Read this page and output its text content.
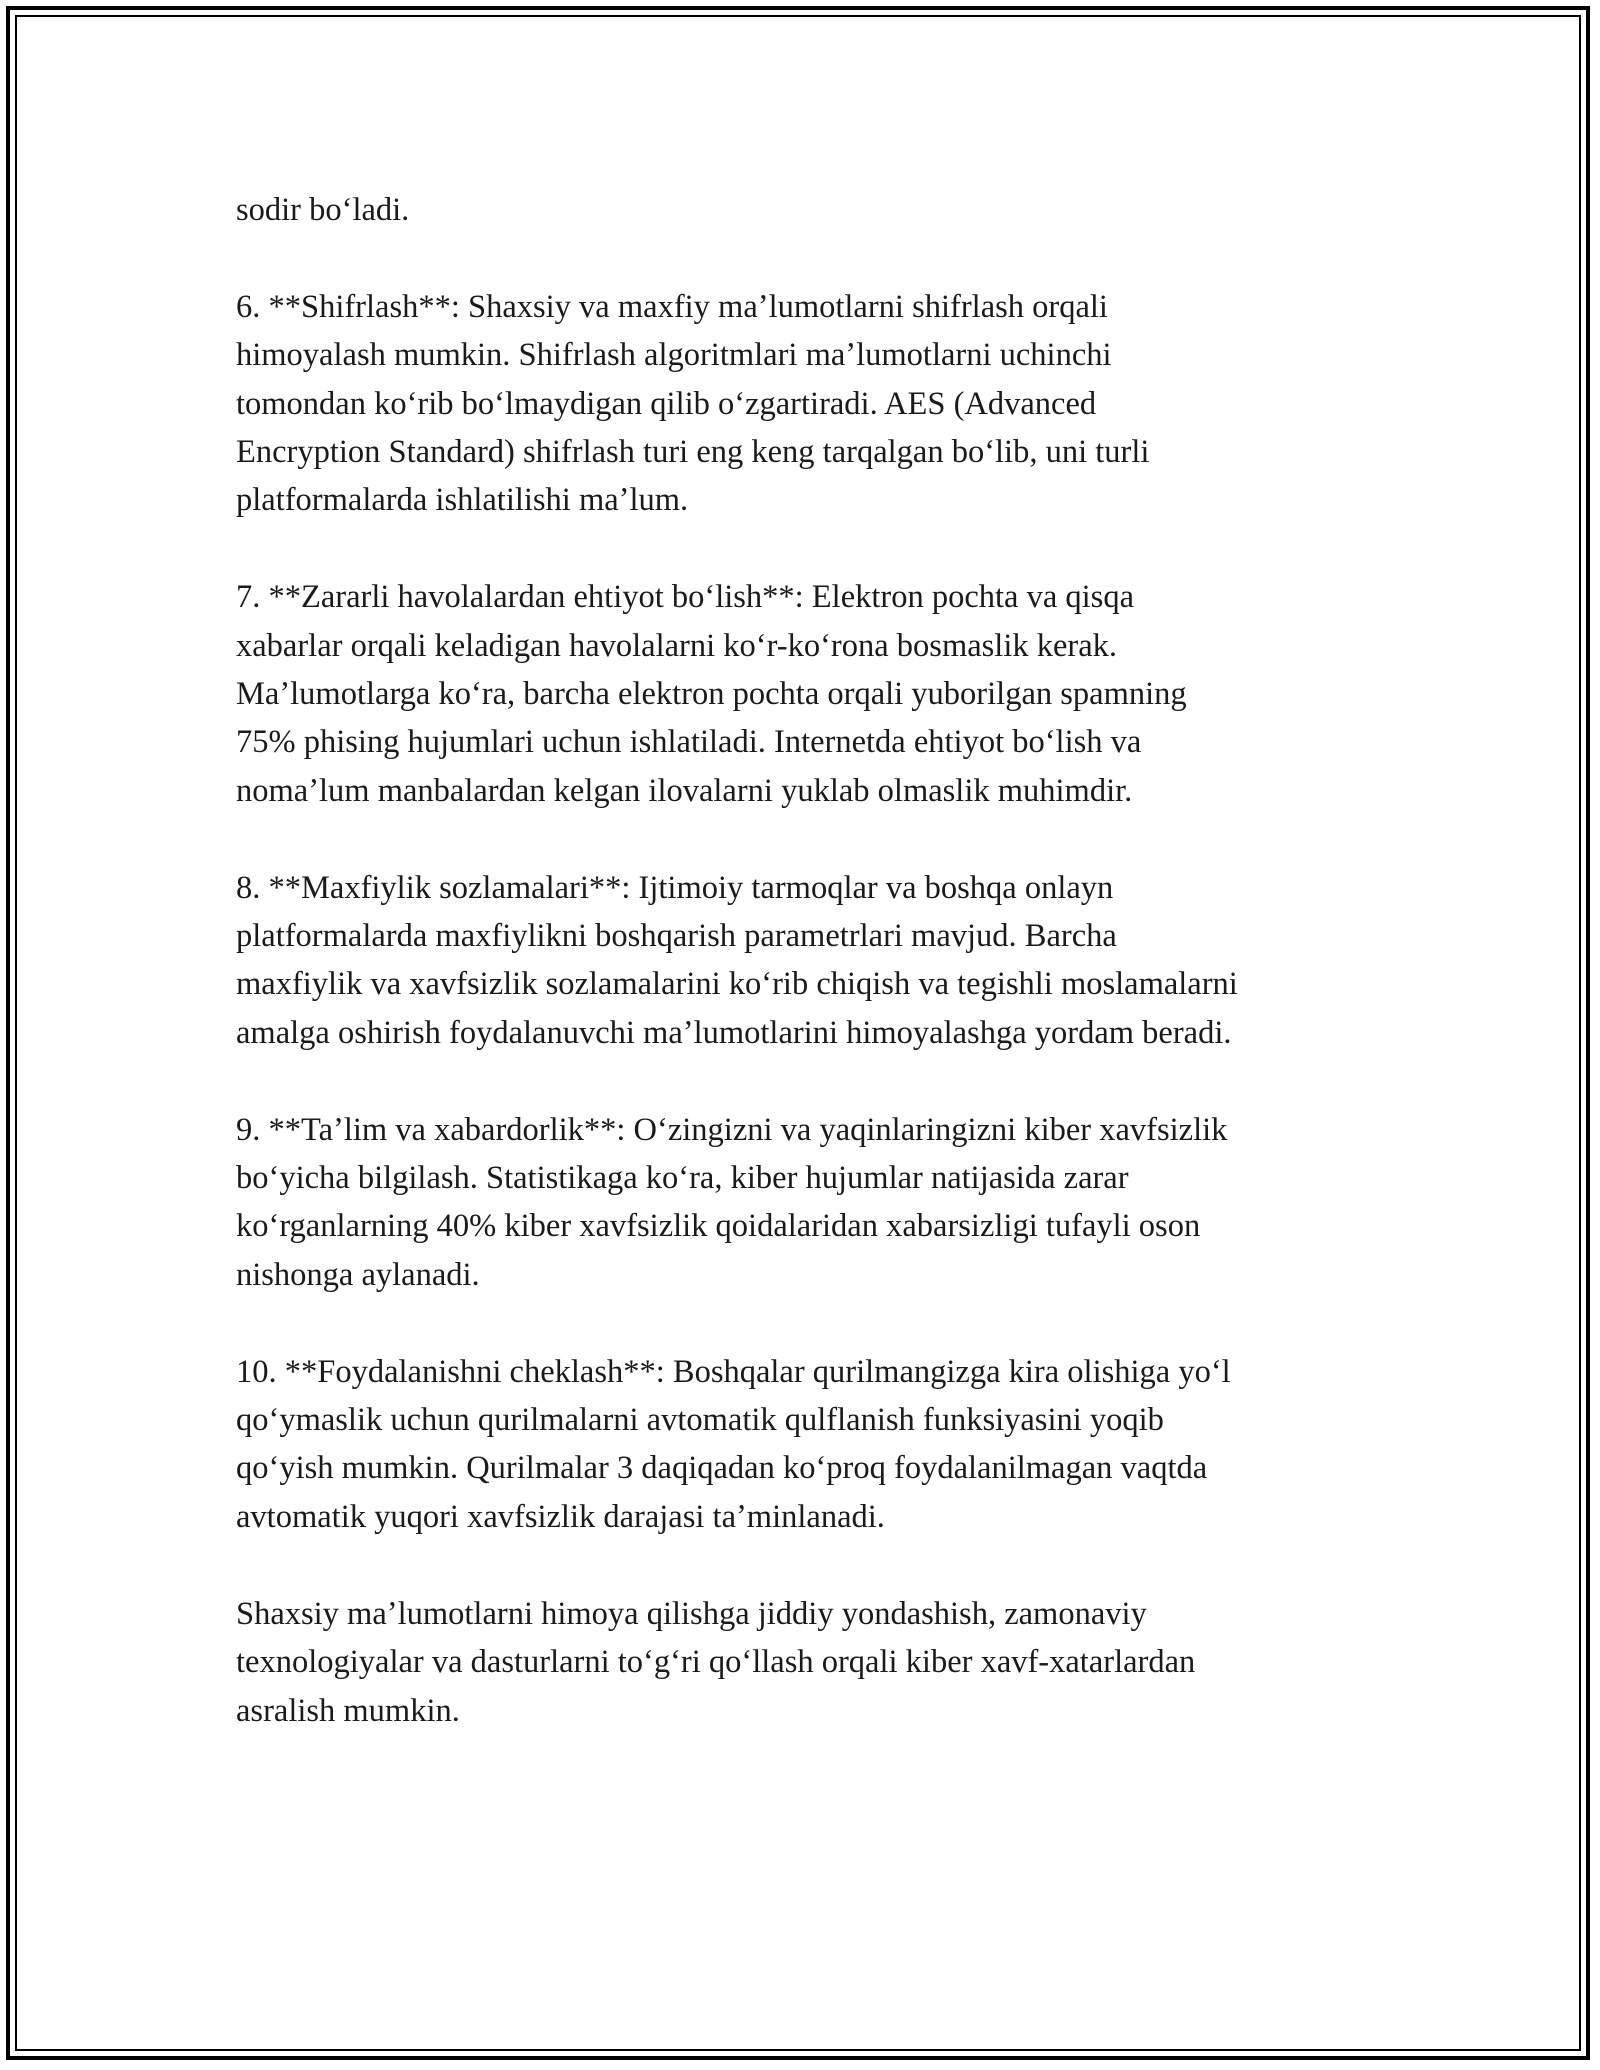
sodir boʻladi.

6. **Shifrlash**: Shaxsiy va maxfiy maʼlumotlarni shifrlash orqali
himoyalash mumkin. Shifrlash algoritmlari maʼlumotlarni uchinchi
tomondan koʻrib boʻlmaydigan qilib oʻzgartiradi. AES (Advanced
Encryption Standard) shifrlash turi eng keng tarqalgan boʻlib, uni turli
platformalarda ishlatilishi maʼlum.

7. **Zararli havolalardan ehtiyot boʻlish**: Elektron pochta va qisqa
xabarlar orqali keladigan havolalarni koʻr-koʻrona bosmaslik kerak.
Maʼlumotlarga koʻra, barcha elektron pochta orqali yuborilgan spamning
75% phising hujumlari uchun ishlatiladi. Internetda ehtiyot boʻlish va
nomaʼlum manbalardan kelgan ilovalarni yuklab olmaslik muhimdir.

8. **Maxfiylik sozlamalari**: Ijtimoiy tarmoqlar va boshqa onlayn
platformalarda maxfiylikni boshqarish parametrlari mavjud. Barcha
maxfiylik va xavfsizlik sozlamalarini koʻrib chiqish va tegishli moslamalarni
amalga oshirish foydalanuvchi maʼlumotlarini himoyalashga yordam beradi.

9. **Taʼlim va xabardorlik**: Oʻzingizni va yaqinlaringizni kiber xavfsizlik
boʻyicha bilgilash. Statistikaga koʻra, kiber hujumlar natijasida zarar
koʻrganlarning 40% kiber xavfsizlik qoidalaridan xabarsizligi tufayli oson
nishonga aylanadi.

10. **Foydalanishni cheklash**: Boshqalar qurilmangizga kira olishiga yoʻl
qoʻymaslik uchun qurilmalarni avtomatik qulflanish funksiyasini yoqib
qoʻyish mumkin. Qurilmalar 3 daqiqadan koʻproq foydalanilmagan vaqtda
avtomatik yuqori xavfsizlik darajasi taʼminlanadi.

Shaxsiy maʼlumotlarni himoya qilishga jiddiy yondashish, zamonaviy
texnologiyalar va dasturlarni toʻgʻri qoʻllash orqali kiber xavf-xatarlardan
asralish mumkin.
